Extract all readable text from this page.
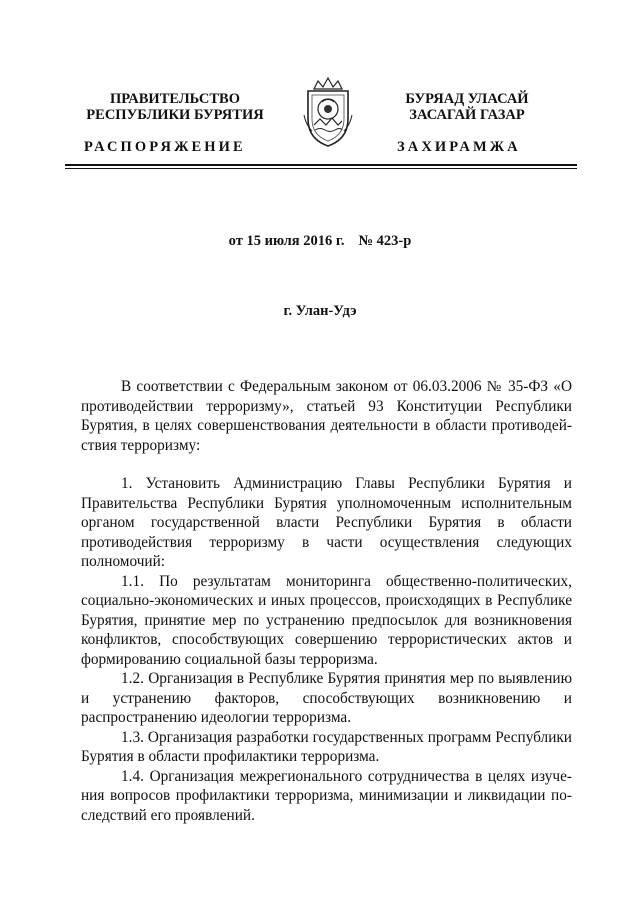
ПРАВИТЕЛЬСТВО
РЕСПУБЛИКИ БУРЯТИЯ
БУРЯАД УЛАСАЙ
ЗАСАГАЙ ГАЗАР
РАСПОРЯЖЕНИЕ	ЗАХИРАМЖА
от 15 июля 2016 г. № 423-р
г. Улан-Удэ

В соответствии с Федеральным законом от 06.03.2006 № 35-ФЗ «О противодействии терроризму», статьей 93 Конституции Республики Бурятия, в целях совершенствования деятельности в области противодействия терроризму:

1. Установить Администрацию Главы Республики Бурятия и Правительства Республики Бурятия уполномоченным исполнительным органом государственной власти Республики Бурятия в области противодействия терроризму в части осуществления следующих полномочий:

1.1. По результатам мониторинга общественно-политических, социально-экономических и иных процессов, происходящих в Республике Бурятия, принятие мер по устранению предпосылок для возникновения конфликтов, способствующих совершению террористических актов и формированию социальной базы терроризма.

1.2. Организация в Республике Бурятия принятия мер по выявлению и устранению факторов, способствующих возникновению и распространению идеологии терроризма.

1.3. Организация разработки государственных программ Республики Бурятия в области профилактики терроризма.

1.4. Организация межрегионального сотрудничества в целях изучения вопросов профилактики терроризма, минимизации и ликвидации последствий его проявлений.
